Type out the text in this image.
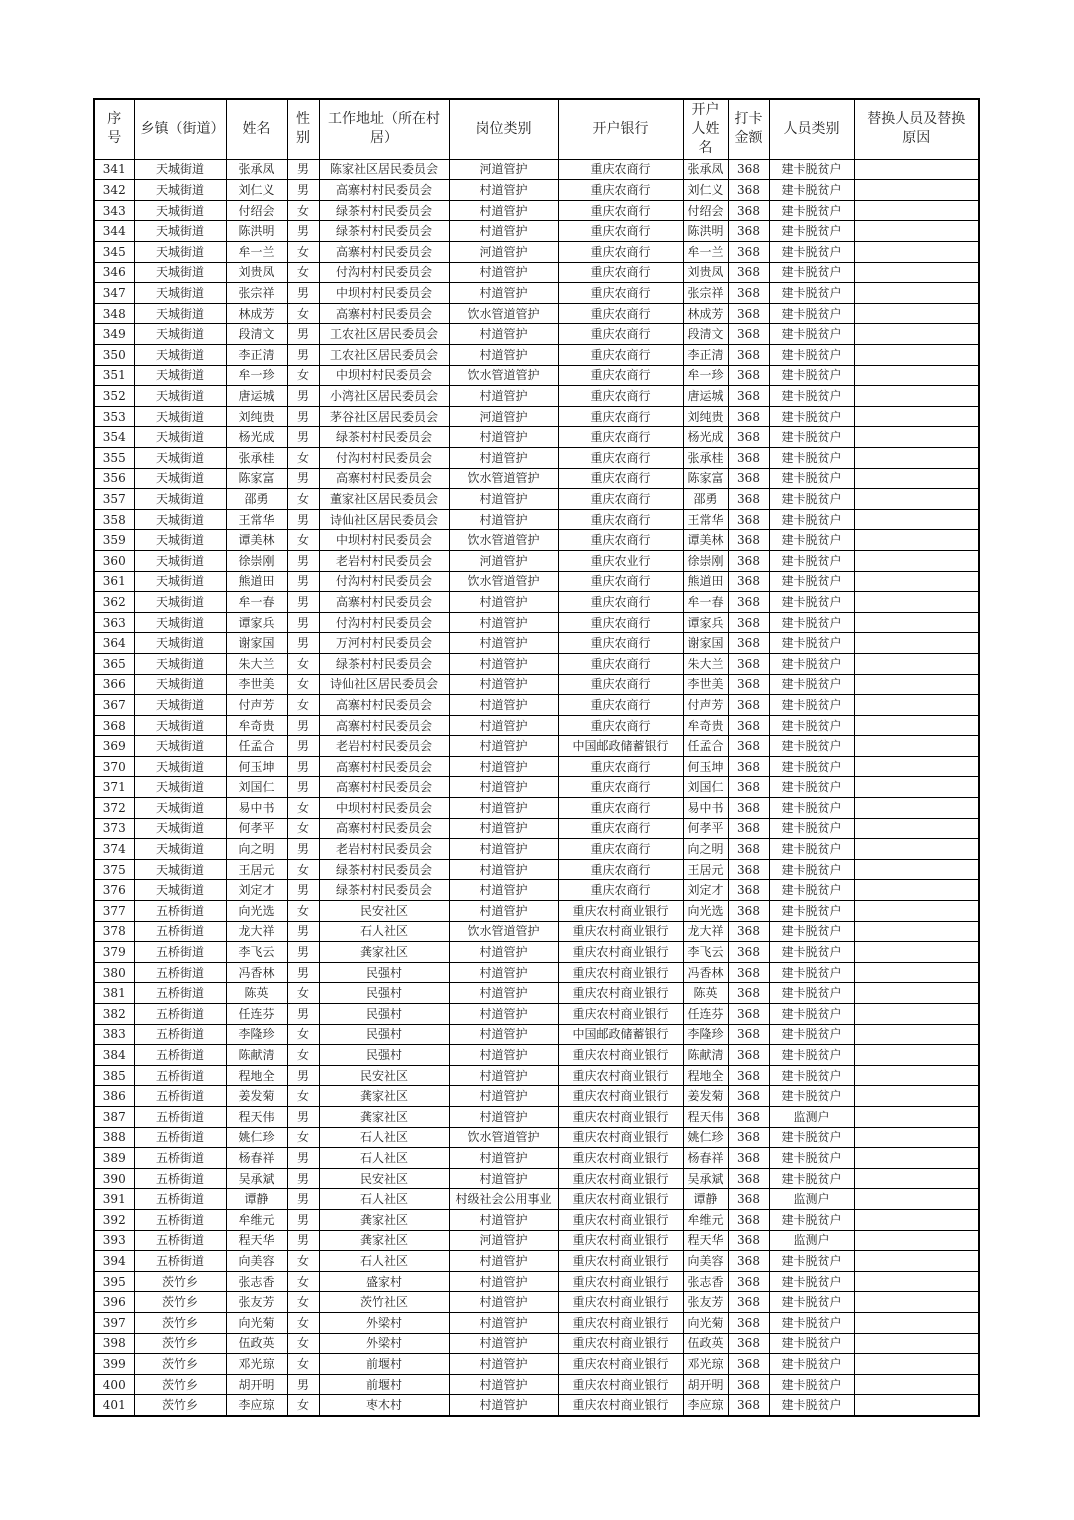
序号	乡镇（街道）	姓名	性别	工作地址（所在村居）	岗位类别	开户银行	开户人姓名	打卡金额	人员类别	替换人员及替换原因
341	天城街道	张承凤	男	陈家社区居民委员会	河道管护	重庆农商行	张承凤	368	建卡脱贫户	
342	天城街道	刘仁义	男	高寨村村民委员会	村道管护	重庆农商行	刘仁义	368	建卡脱贫户	
343	天城街道	付绍会	女	绿茶村村民委员会	村道管护	重庆农商行	付绍会	368	建卡脱贫户	
344	天城街道	陈洪明	男	绿茶村村民委员会	村道管护	重庆农商行	陈洪明	368	建卡脱贫户	
345	天城街道	牟一兰	女	高寨村村民委员会	河道管护	重庆农商行	牟一兰	368	建卡脱贫户	
346	天城街道	刘贵凤	女	付沟村村民委员会	村道管护	重庆农商行	刘贵凤	368	建卡脱贫户	
347	天城街道	张宗祥	男	中坝村村民委员会	村道管护	重庆农商行	张宗祥	368	建卡脱贫户	
348	天城街道	林成芳	女	高寨村村民委员会	饮水管道管护	重庆农商行	林成芳	368	建卡脱贫户	
349	天城街道	段清文	男	工农社区居民委员会	村道管护	重庆农商行	段清文	368	建卡脱贫户	
350	天城街道	李正清	男	工农社区居民委员会	村道管护	重庆农商行	李正清	368	建卡脱贫户	
351	天城街道	牟一珍	女	中坝村村民委员会	饮水管道管护	重庆农商行	牟一珍	368	建卡脱贫户	
352	天城街道	唐运城	男	小湾社区居民委员会	村道管护	重庆农商行	唐运城	368	建卡脱贫户	
353	天城街道	刘纯贵	男	茅谷社区居民委员会	河道管护	重庆农商行	刘纯贵	368	建卡脱贫户	
354	天城街道	杨光成	男	绿茶村村民委员会	村道管护	重庆农商行	杨光成	368	建卡脱贫户	
355	天城街道	张承桂	女	付沟村村民委员会	村道管护	重庆农商行	张承桂	368	建卡脱贫户	
356	天城街道	陈家富	男	高寨村村民委员会	饮水管道管护	重庆农商行	陈家富	368	建卡脱贫户	
357	天城街道	邵勇	女	董家社区居民委员会	村道管护	重庆农商行	邵勇	368	建卡脱贫户	
358	天城街道	王常华	男	诗仙社区居民委员会	村道管护	重庆农商行	王常华	368	建卡脱贫户	
359	天城街道	谭美林	女	中坝村村民委员会	饮水管道管护	重庆农商行	谭美林	368	建卡脱贫户	
360	天城街道	徐崇刚	男	老岩村村民委员会	河道管护	重庆农业行	徐崇刚	368	建卡脱贫户	
361	天城街道	熊道田	男	付沟村村民委员会	饮水管道管护	重庆农商行	熊道田	368	建卡脱贫户	
362	天城街道	牟一春	男	高寨村村民委员会	村道管护	重庆农商行	牟一春	368	建卡脱贫户	
363	天城街道	谭家兵	男	付沟村村民委员会	村道管护	重庆农商行	谭家兵	368	建卡脱贫户	
364	天城街道	谢家国	男	万河村村民委员会	村道管护	重庆农商行	谢家国	368	建卡脱贫户	
365	天城街道	朱大兰	女	绿茶村村民委员会	村道管护	重庆农商行	朱大兰	368	建卡脱贫户	
366	天城街道	李世美	女	诗仙社区居民委员会	村道管护	重庆农商行	李世美	368	建卡脱贫户	
367	天城街道	付声芳	女	高寨村村民委员会	村道管护	重庆农商行	付声芳	368	建卡脱贫户	
368	天城街道	牟奇贵	男	高寨村村民委员会	村道管护	重庆农商行	牟奇贵	368	建卡脱贫户	
369	天城街道	任孟合	男	老岩村村民委员会	村道管护	中国邮政储蓄银行	任孟合	368	建卡脱贫户	
370	天城街道	何玉坤	男	高寨村村民委员会	村道管护	重庆农商行	何玉坤	368	建卡脱贫户	
371	天城街道	刘国仁	男	高寨村村民委员会	村道管护	重庆农商行	刘国仁	368	建卡脱贫户	
372	天城街道	易中书	女	中坝村村民委员会	村道管护	重庆农商行	易中书	368	建卡脱贫户	
373	天城街道	何孝平	女	高寨村村民委员会	村道管护	重庆农商行	何孝平	368	建卡脱贫户	
374	天城街道	向之明	男	老岩村村民委员会	村道管护	重庆农商行	向之明	368	建卡脱贫户	
375	天城街道	王居元	女	绿茶村村民委员会	村道管护	重庆农商行	王居元	368	建卡脱贫户	
376	天城街道	刘定才	男	绿茶村村民委员会	村道管护	重庆农商行	刘定才	368	建卡脱贫户	
377	五桥街道	向光选	女	民安社区	村道管护	重庆农村商业银行	向光选	368	建卡脱贫户	
378	五桥街道	龙大祥	男	石人社区	饮水管道管护	重庆农村商业银行	龙大祥	368	建卡脱贫户	
379	五桥街道	李飞云	男	龚家社区	村道管护	重庆农村商业银行	李飞云	368	建卡脱贫户	
380	五桥街道	冯香林	男	民强村	村道管护	重庆农村商业银行	冯香林	368	建卡脱贫户	
381	五桥街道	陈英	女	民强村	村道管护	重庆农村商业银行	陈英	368	建卡脱贫户	
382	五桥街道	任连芬	男	民强村	村道管护	重庆农村商业银行	任连芬	368	建卡脱贫户	
383	五桥街道	李隆珍	女	民强村	村道管护	中国邮政储蓄银行	李隆珍	368	建卡脱贫户	
384	五桥街道	陈献清	女	民强村	村道管护	重庆农村商业银行	陈献清	368	建卡脱贫户	
385	五桥街道	程地全	男	民安社区	村道管护	重庆农村商业银行	程地全	368	建卡脱贫户	
386	五桥街道	姜发菊	女	龚家社区	村道管护	重庆农村商业银行	姜发菊	368	建卡脱贫户	
387	五桥街道	程天伟	男	龚家社区	村道管护	重庆农村商业银行	程天伟	368	监测户	
388	五桥街道	姚仁珍	女	石人社区	饮水管道管护	重庆农村商业银行	姚仁珍	368	建卡脱贫户	
389	五桥街道	杨春祥	男	石人社区	村道管护	重庆农村商业银行	杨春祥	368	建卡脱贫户	
390	五桥街道	吴承斌	男	民安社区	村道管护	重庆农村商业银行	吴承斌	368	建卡脱贫户	
391	五桥街道	谭静	男	石人社区	村级社会公用事业	重庆农村商业银行	谭静	368	监测户	
392	五桥街道	牟维元	男	龚家社区	村道管护	重庆农村商业银行	牟维元	368	建卡脱贫户	
393	五桥街道	程天华	男	龚家社区	河道管护	重庆农村商业银行	程天华	368	监测户	
394	五桥街道	向美容	女	石人社区	村道管护	重庆农村商业银行	向美容	368	建卡脱贫户	
395	茨竹乡	张志香	女	盛家村	村道管护	重庆农村商业银行	张志香	368	建卡脱贫户	
396	茨竹乡	张友芳	女	茨竹社区	村道管护	重庆农村商业银行	张友芳	368	建卡脱贫户	
397	茨竹乡	向光菊	女	外梁村	村道管护	重庆农村商业银行	向光菊	368	建卡脱贫户	
398	茨竹乡	伍政英	女	外梁村	村道管护	重庆农村商业银行	伍政英	368	建卡脱贫户	
399	茨竹乡	邓光琼	女	前堰村	村道管护	重庆农村商业银行	邓光琼	368	建卡脱贫户	
400	茨竹乡	胡开明	男	前堰村	村道管护	重庆农村商业银行	胡开明	368	建卡脱贫户	
401	茨竹乡	李应琼	女	枣木村	村道管护	重庆农村商业银行	李应琼	368	建卡脱贫户	
